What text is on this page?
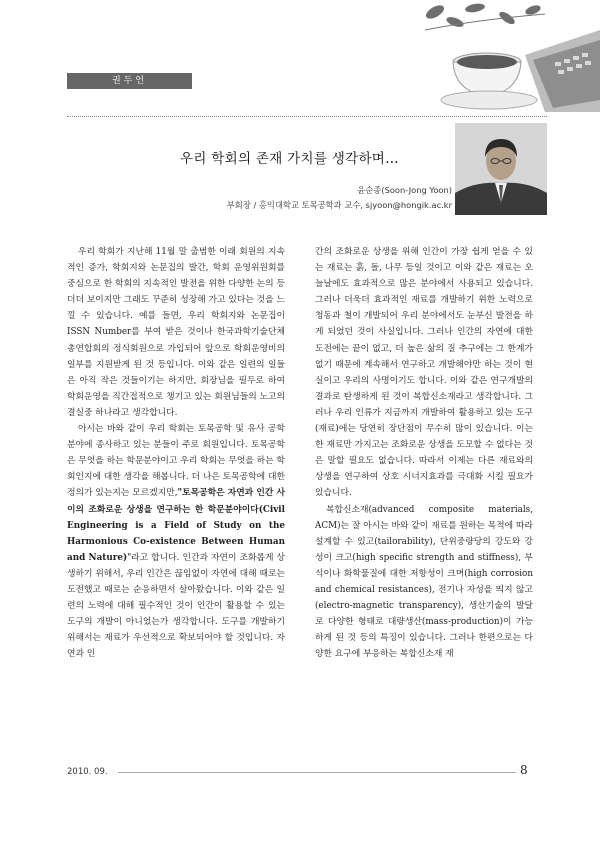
권두언
우리 학회의 존재 가치를 생각하며…
윤순종(Soon-Jong Yoon)
부회장 / 홍익대학교 토목공학과 교수, sjyoon@hongik.ac.kr

우리 학회가 지난해 11월 말 출범한 이래 회원의 지속적인 증가, 학회지와 논문집의 발간, 학회 운영위원회를 중심으로 한 학회의 지속적인 발전을 위한 다양한 논의 등 더더 보이지만 그래도 꾸준히 성장해 가고 있다는 것을 느낄 수 있습니다. 예를 들면, 우리 학회지와 논문집이 ISSN Number를 부여 받은 것이나 한국과학기술단체총연합회의 정식회원으로 가입되어 앞으로 학회운영비의 일부를 지원받게 된 것 등입니다. 이와 같은 일련의 일들은 아직 작은 것들이기는 하지만, 회장님을 필두로 하여 학회운영을 직간접적으로 챙기고 있는 회원님들의 노고의 결실중 하나라고 생각합니다.

아시는 바와 같이 우리 학회는 토목공학 및 유사 공학 분야에 종사하고 있는 분들이 주로 회원입니다. 토목공학은 무엇을 하는 학문분야이고 우리 학회는 무엇을 하는 학회인지에 대한 생각을 해봅니다. 더 나은 토목공학에 대한 정의가 있는지는 모르겠지만,"토목공학은 자연과 인간 사이의 조화로운 상생을 연구하는 한 학문분야이다(Civil Engineering is a Field of Study on the Harmonious Co-existence Between Human and Nature)"라고 합니다. 인간과 자연이 조화롭게 상생하기 위해서, 우리 인간은 끊임없이 자연에 대해 때로는 도전했고 때로는 순응하면서 살아왔습니다. 이와 같은 일련의 노력에 대해 필수적인 것이 인간이 활용할 수 있는 도구의 개발이 아니었는가 생각합니다. 도구를 개발하기 위해서는 재료가 우선적으로 확보되어야 할 것입니다. 자연과 인

간의 조화로운 상생을 위해 인간이 가장 쉽게 얻을 수 있는 재료는 흙, 돌, 나무 등일 것이고 이와 같은 재료는 오늘날에도 효과적으로 많은 분야에서 사용되고 있습니다. 그러나 더욱더 효과적인 재료를 개발하기 위한 노력으로 청동과 철이 개발되어 우리 분야에서도 눈부신 발전을 하게 되었던 것이 사실입니다. 그러나 인간의 자연에 대한 도전에는 끝이 없고, 더 높은 삶의 질 추구에는 그 한계가 없기 때문에 계속해서 연구하고 개발해야만 하는 것이 현실이고 우리의 사명이기도 합니다. 이와 같은 연구개발의 결과로 탄생하게 된 것이 복합신소재라고 생각합니다. 그러나 우리 인류가 지금까지 개발하여 활용하고 있는 도구(재료)에는 당연히 장단점이 무수히 많이 있습니다. 이는 한 재료만 가지고는 조화로운 상생을 도모할 수 없다는 것은 말할 필요도 없습니다. 따라서 이제는 다른 재료와의 상생을 연구하여 상호 시너지효과를 극대화 시킬 필요가 있습니다.

복합신소재(advanced composite materials, ACM)는 잘 아시는 바와 같이 재료를 원하는 목적에 따라 설계할 수 있고(tailorability), 단위중량당의 강도와 강성이 크고(high specific strength and stiffness), 부식이나 화학물질에 대한 저항성이 크며(high corrosion and chemical resistances), 전기나 자성을 띄지 않고(electro-magnetic transparency), 생산기술의 발달로 다양한 형태로 대량생산(mass-production)이 가능하게 된 것 등의 특징이 있습니다. 그러나 한편으로는 다양한 요구에 부응하는 복합신소재 재

2010. 09.	8
